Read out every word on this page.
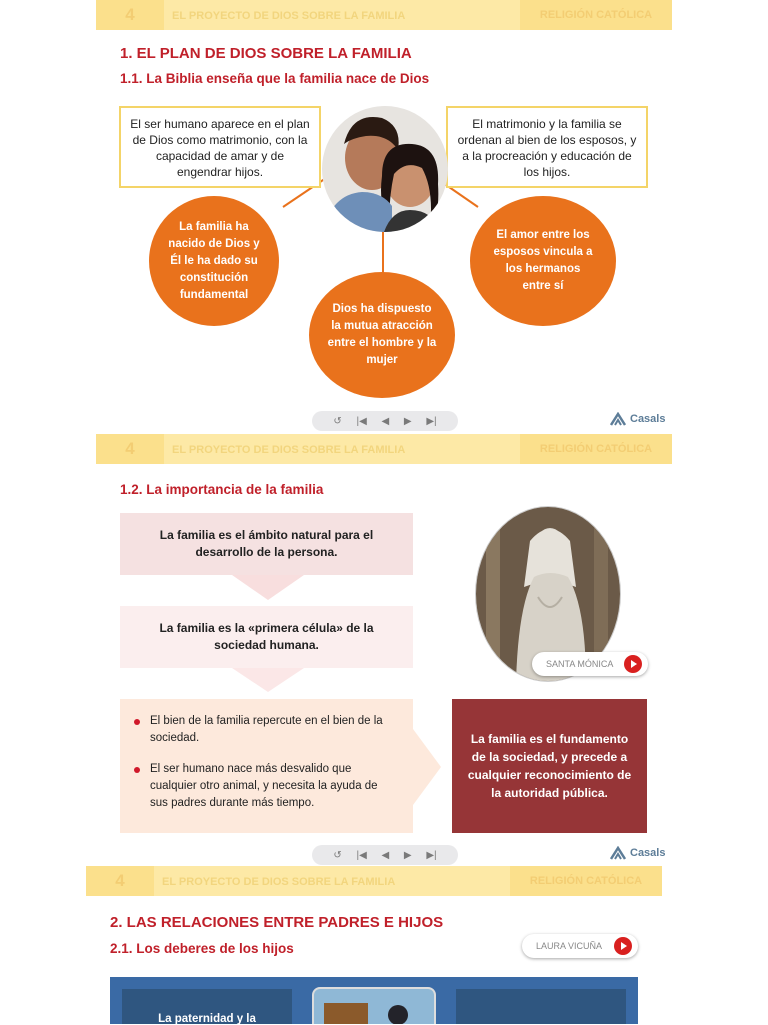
4	EL PROYECTO DE DIOS SOBRE LA FAMILIA	RELIGIÓN CATÓLICA
1. EL PLAN DE DIOS SOBRE LA FAMILIA
1.1. La Biblia enseña que la familia nace de Dios
El ser humano aparece en el plan de Dios como matrimonio, con la capacidad de amar y de engendrar hijos.
El matrimonio y la familia se ordenan al bien de los esposos, y a la procreación y educación de los hijos.
La familia ha nacido de Dios y Él le ha dado su constitución fundamental
Dios ha dispuesto la mutua atracción entre el hombre y la mujer
El amor entre los esposos vincula a los hermanos entre sí
↺ |◀ ◀ ▶ ▶|	Casals
4	EL PROYECTO DE DIOS SOBRE LA FAMILIA	RELIGIÓN CATÓLICA
1.2. La importancia de la familia
La familia es el ámbito natural para el desarrollo de la persona.
La familia es la «primera célula» de la sociedad humana.
El bien de la familia repercute en el bien de la sociedad.
El ser humano nace más desvalido que cualquier otro animal, y necesita la ayuda de sus padres durante más tiempo.
La familia es el fundamento de la sociedad, y precede a cualquier reconocimiento de la autoridad pública.
SANTA MÓNICA
↺ |◀ ◀ ▶ ▶|	Casals
4	EL PROYECTO DE DIOS SOBRE LA FAMILIA	RELIGIÓN CATÓLICA
2. LAS RELACIONES ENTRE PADRES E HIJOS
2.1. Los deberes de los hijos	LAURA VICUÑA
La paternidad y la
